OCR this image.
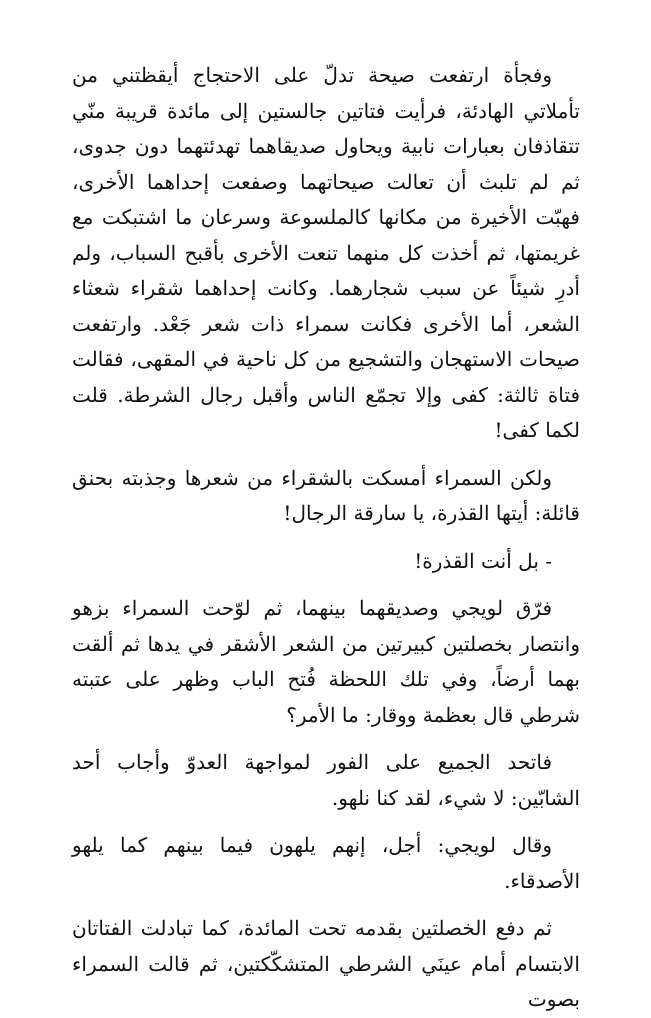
وفجأة ارتفعت صيحة تدلّ على الاحتجاج أيقظتني من تأملاتي الهادئة، فرأيت فتاتين جالستين إلى مائدة قريبة منّي تتقاذفان بعبارات نابية ويحاول صديقاهما تهدئتهما دون جدوى، ثم لم تلبث أن تعالت صيحاتهما وصفعت إحداهما الأخرى، فهبّت الأخيرة من مكانها كالملسوعة وسرعان ما اشتبكت مع غريمتها، ثم أخذت كل منهما تنعت الأخرى بأقبح السباب، ولم أدرِ شيئاً عن سبب شجارهما. وكانت إحداهما شقراء شعثاء الشعر، أما الأخرى فكانت سمراء ذات شعر جَعْد. وارتفعت صيحات الاستهجان والتشجيع من كل ناحية في المقهى، فقالت فتاة ثالثة: كفى وإلا تجمّع الناس وأقبل رجال الشرطة. قلت لكما كفى!

ولكن السمراء أمسكت بالشقراء من شعرها وجذبته بحنق قائلة: أيتها القذرة، يا سارقة الرجال!

- بل أنت القذرة!

فرّق لويجي وصديقهما بينهما، ثم لوّحت السمراء بزهو وانتصار بخصلتين كبيرتين من الشعر الأشقر في يدها ثم ألقت بهما أرضاً، وفي تلك اللحظة فُتح الباب وظهر على عتبته شرطي قال بعظمة ووقار: ما الأمر؟

فاتحد الجميع على الفور لمواجهة العدوّ وأجاب أحد الشابّين: لا شيء، لقد كنا نلهو.

وقال لويجي: أجل، إنهم يلهون فيما بينهم كما يلهو الأصدقاء.

ثم دفع الخصلتين بقدمه تحت المائدة، كما تبادلت الفتاتان الابتسام أمام عينَي الشرطي المتشكّكتين، ثم قالت السمراء بصوت
